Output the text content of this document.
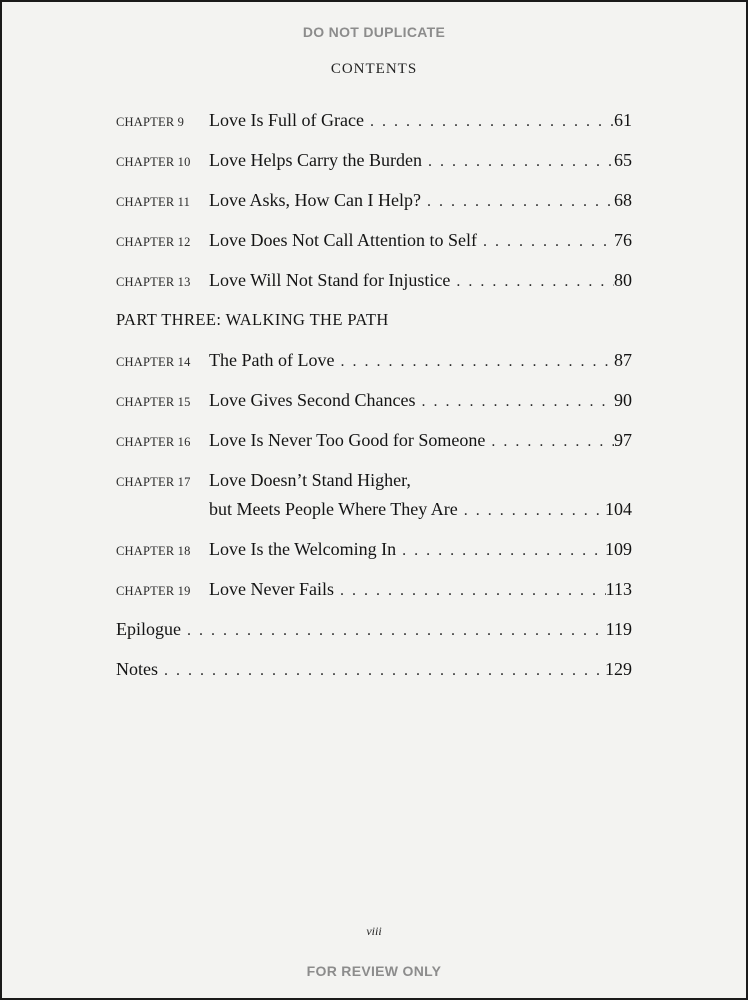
DO NOT DUPLICATE
CONTENTS
CHAPTER 9	Love Is Full of Grace . . .	61
CHAPTER 10	Love Helps Carry the Burden . . .	65
CHAPTER 11	Love Asks, How Can I Help? . . .	68
CHAPTER 12	Love Does Not Call Attention to Self . . .	76
CHAPTER 13	Love Will Not Stand for Injustice . . .	80
PART THREE: WALKING THE PATH
CHAPTER 14	The Path of Love . . .	87
CHAPTER 15	Love Gives Second Chances . . .	90
CHAPTER 16	Love Is Never Too Good for Someone . . .	97
CHAPTER 17	Love Doesn’t Stand Higher,
but Meets People Where They Are . . .	104
CHAPTER 18	Love Is the Welcoming In . . .	109
CHAPTER 19	Love Never Fails . . .	113
Epilogue . . .	119
Notes . . .	129
viii
FOR REVIEW ONLY
